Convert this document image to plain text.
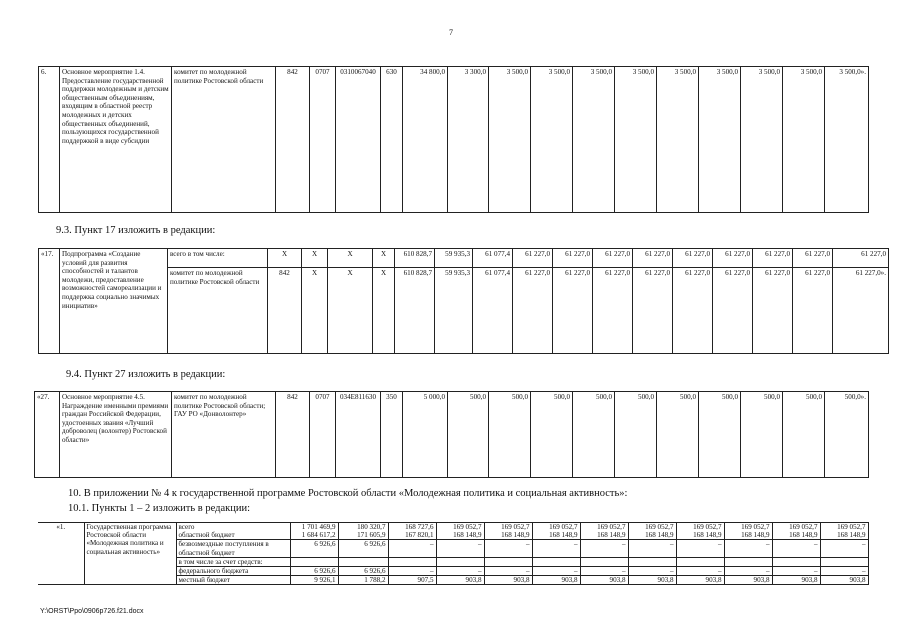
7
6.	Основное мероприятие 1.4. Предоставление государственной поддержки молодежным и детским общественным объединениям, входящим в областной реестр молодежных и детских общественных объединений, пользующихся государственной поддержкой в виде субсидии	комитет по молодежной политике Ростовской области	842	0707	0310067040	630	34 800,0	3 300,0	3 500,0	3 500,0	3 500,0	3 500,0	3 500,0	3 500,0	3 500,0	3 500,0	3 500,0».
9.3. Пункт 17 изложить в редакции:
«17.	Подпрограмма «Создание условий для развития способностей и талантов молодежи, предоставление возможностей самореализации и поддержка социально значимых инициатив»	всего в том числе:	X	X	X	X	610 828,7	59 935,3	61 077,4	61 227,0	61 227,0	61 227,0	61 227,0	61 227,0	61 227,0	61 227,0	61 227,0	61 227,0
		комитет по молодежной политике Ростовской области	842	X	X	X	610 828,7	59 935,3	61 077,4	61 227,0	61 227,0	61 227,0	61 227,0	61 227,0	61 227,0	61 227,0	61 227,0	61 227,0».
9.4. Пункт 27 изложить в редакции:
«27.	Основное мероприятие 4.5. Награждение именными премиями граждан Российской Федерации, удостоенных звания «Лучший доброволец (волонтер) Ростовской области»	комитет по молодежной политике Ростовской области; ГАУ РО «Донволонтер»	842	0707	034E811630	350	5 000,0	500,0	500,0	500,0	500,0	500,0	500,0	500,0	500,0	500,0	500,0».
10. В приложении № 4 к государственной программе Ростовской области «Молодежная политика и социальная активность»:
10.1. Пункты 1 – 2 изложить в редакции:
«1.	Государственная программа Ростовской области «Молодежная политика и социальная активность»	всего	1 701 469,9	180 320,7	168 727,6	169 052,7	169 052,7	169 052,7	169 052,7	169 052,7	169 052,7	169 052,7	169 052,7	169 052,7
		областной бюджет	1 684 617,2	171 605,9	167 820,1	168 148,9	168 148,9	168 148,9	168 148,9	168 148,9	168 148,9	168 148,9	168 148,9	168 148,9
		безвозмездные поступления в областной бюджет	6 926,6	6 926,6	–	–	–	–	–	–	–	–	–	–
		в том числе за счет средств:												
		федерального бюджета	6 926,6	6 926,6	–	–	–	–	–	–	–	–	–	–
		местный бюджет	9 926,1	1 788,2	907,5	903,8	903,8	903,8	903,8	903,8	903,8	903,8	903,8	903,8
Y:\ORST\Ppo\0906p726.f21.docx
